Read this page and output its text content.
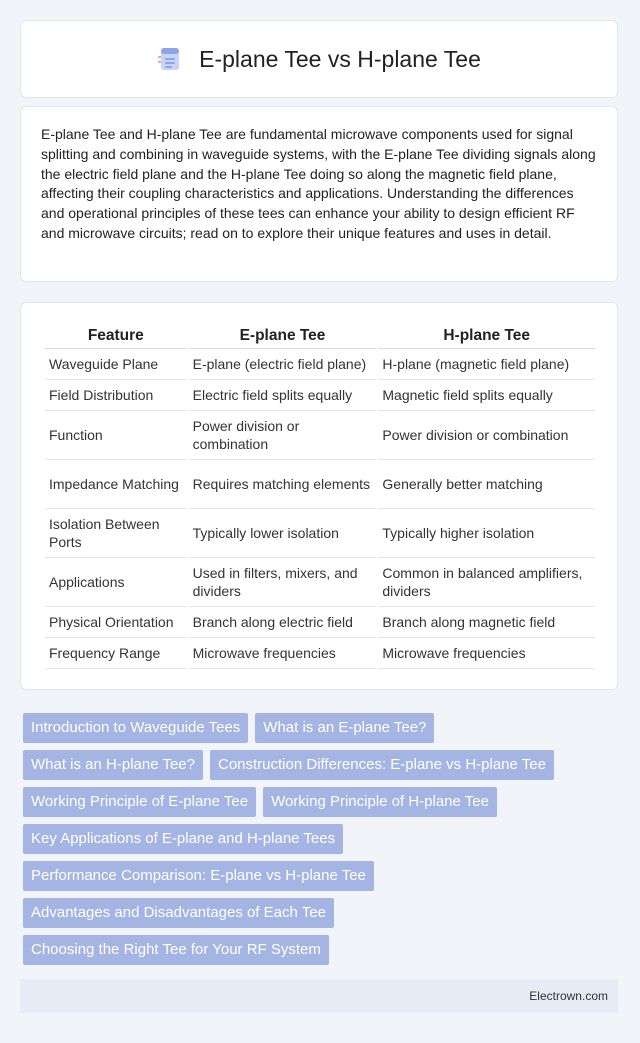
E-plane Tee vs H-plane Tee

E-plane Tee and H-plane Tee are fundamental microwave components used for signal splitting and combining in waveguide systems, with the E-plane Tee dividing signals along the electric field plane and the H-plane Tee doing so along the magnetic field plane, affecting their coupling characteristics and applications. Understanding the differences and operational principles of these tees can enhance your ability to design efficient RF and microwave circuits; read on to explore their unique features and uses in detail.

Feature	E-plane Tee	H-plane Tee
Waveguide Plane	E-plane (electric field plane)	H-plane (magnetic field plane)
Field Distribution	Electric field splits equally	Magnetic field splits equally
Function	Power division or combination	Power division or combination
Impedance Matching	Requires matching elements	Generally better matching
Isolation Between Ports	Typically lower isolation	Typically higher isolation
Applications	Used in filters, mixers, and dividers	Common in balanced amplifiers, dividers
Physical Orientation	Branch along electric field	Branch along magnetic field
Frequency Range	Microwave frequencies	Microwave frequencies
Introduction to Waveguide Tees	What is an E-plane Tee?
What is an H-plane Tee?	Construction Differences: E-plane vs H-plane Tee
Working Principle of E-plane Tee	Working Principle of H-plane Tee
Key Applications of E-plane and H-plane Tees
Performance Comparison: E-plane vs H-plane Tee
Advantages and Disadvantages of Each Tee
Choosing the Right Tee for Your RF System
Electrown.com
